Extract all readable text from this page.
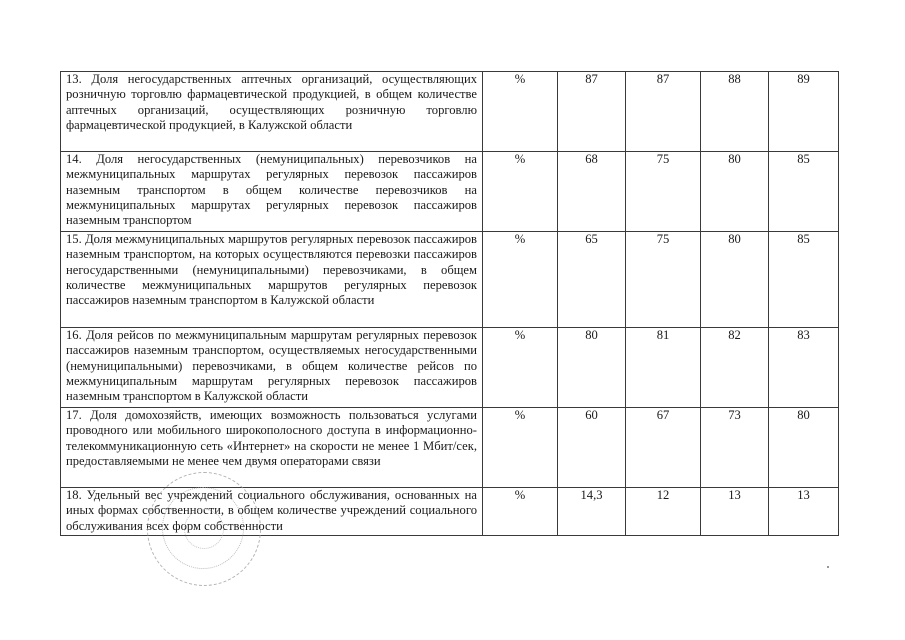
13. Доля негосударственных аптечных организаций, осуществляющих розничную торговлю фармацевтической продукцией, в общем количестве аптечных организаций, осуществляющих розничную торговлю фармацевтической продукцией, в Калужской области	%	87	87	88	89
14. Доля негосударственных (немуниципальных) перевозчиков на межмуниципальных маршрутах регулярных перевозок пассажиров наземным транспортом в общем количестве перевозчиков на межмуниципальных маршрутах регулярных перевозок пассажиров наземным транспортом	%	68	75	80	85
15. Доля межмуниципальных маршрутов регулярных перевозок пассажиров наземным транспортом, на которых осуществляются перевозки пассажиров негосударственными (немуниципальными) перевозчиками, в общем количестве межмуниципальных маршрутов регулярных перевозок пассажиров наземным транспортом в Калужской области	%	65	75	80	85
16. Доля рейсов по межмуниципальным маршрутам регулярных перевозок пассажиров наземным транспортом, осуществляемых негосударственными (немуниципальными) перевозчиками, в общем количестве рейсов по межмуниципальным маршрутам регулярных перевозок пассажиров наземным транспортом в Калужской области	%	80	81	82	83
17. Доля домохозяйств, имеющих возможность пользоваться услугами проводного или мобильного широкополосного доступа в информационно-телекоммуникационную сеть «Интернет» на скорости не менее 1 Мбит/сек, предоставляемыми не менее чем двумя операторами связи	%	60	67	73	80
18. Удельный вес учреждений социального обслуживания, основанных на иных формах собственности, в общем количестве учреждений социального обслуживания всех форм собственности	%	14,3	12	13	13
